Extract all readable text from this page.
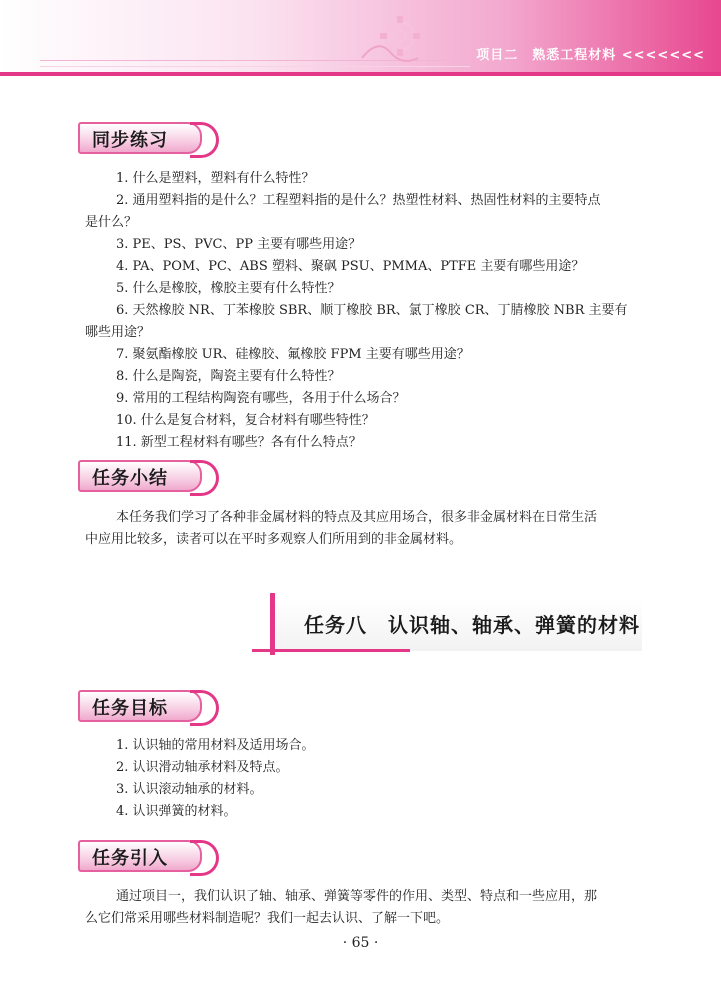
项目二　熟悉工程材料 <<<<<<<
同步练习
1. 什么是塑料，塑料有什么特性？
2. 通用塑料指的是什么？工程塑料指的是什么？热塑性材料、热固性材料的主要特点
是什么？
3. PE、PS、PVC、PP 主要有哪些用途？
4. PA、POM、PC、ABS 塑料、聚砜 PSU、PMMA、PTFE 主要有哪些用途？
5. 什么是橡胶，橡胶主要有什么特性？
6. 天然橡胶 NR、丁苯橡胶 SBR、顺丁橡胶 BR、氯丁橡胶 CR、丁腈橡胶 NBR 主要有
哪些用途？
7. 聚氨酯橡胶 UR、硅橡胶、氟橡胶 FPM 主要有哪些用途？
8. 什么是陶瓷，陶瓷主要有什么特性？
9. 常用的工程结构陶瓷有哪些，各用于什么场合？
10. 什么是复合材料，复合材料有哪些特性？
11. 新型工程材料有哪些？各有什么特点？
任务小结
本任务我们学习了各种非金属材料的特点及其应用场合，很多非金属材料在日常生活
中应用比较多，读者可以在平时多观察人们所用到的非金属材料。
任务八　认识轴、轴承、弹簧的材料
任务目标
1. 认识轴的常用材料及适用场合。
2. 认识滑动轴承材料及特点。
3. 认识滚动轴承的材料。
4. 认识弹簧的材料。
任务引入
通过项目一，我们认识了轴、轴承、弹簧等零件的作用、类型、特点和一些应用，那
么它们常采用哪些材料制造呢？我们一起去认识、了解一下吧。
· 65 ·
